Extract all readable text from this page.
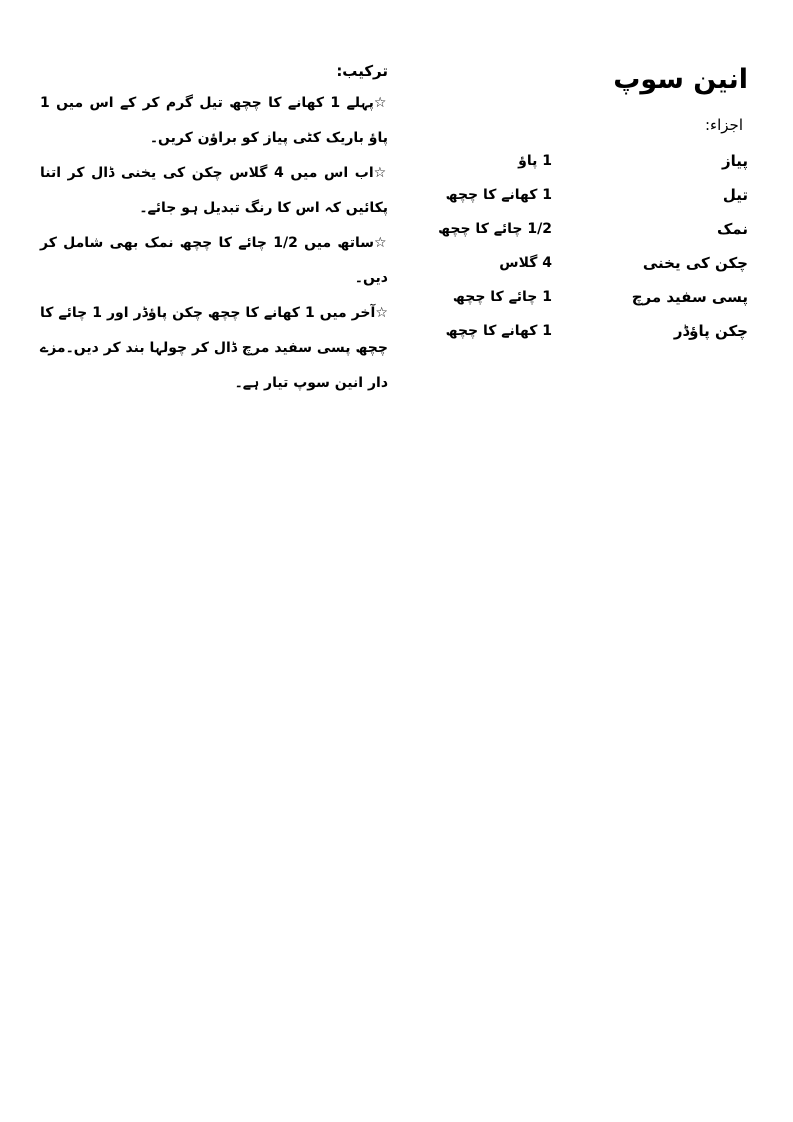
انین سوپ
اجزاء:
پیاز
1 پاؤ
تیل
1 کھانے کا چچھ
نمک
1/2 چائے کا چچھ
چکن کی یخنی
4 گلاس
پسی سفید مرچ
1 چائے کا چچھ
چکن پاؤڈر
1 کھانے کا چچھ
ترکیب:

☆پہلے 1 کھانے کا چچھ تیل گرم کر کے اس میں 1 پاؤ باریک کٹی پیاز کو براؤن کریں۔

☆اب اس میں 4 گلاس چکن کی یخنی ڈال کر اتنا پکائیں کہ اس کا رنگ تبدیل ہو جائے۔

☆ساتھ میں 1/2 چائے کا چچھ نمک بھی شامل کر دیں۔

☆آخر میں 1 کھانے کا چچھ چکن پاؤڈر اور 1 چائے کا چچھ پسی سفید مرچ ڈال کر چولہا بند کر دیں۔مزے دار انین سوپ تیار ہے۔
